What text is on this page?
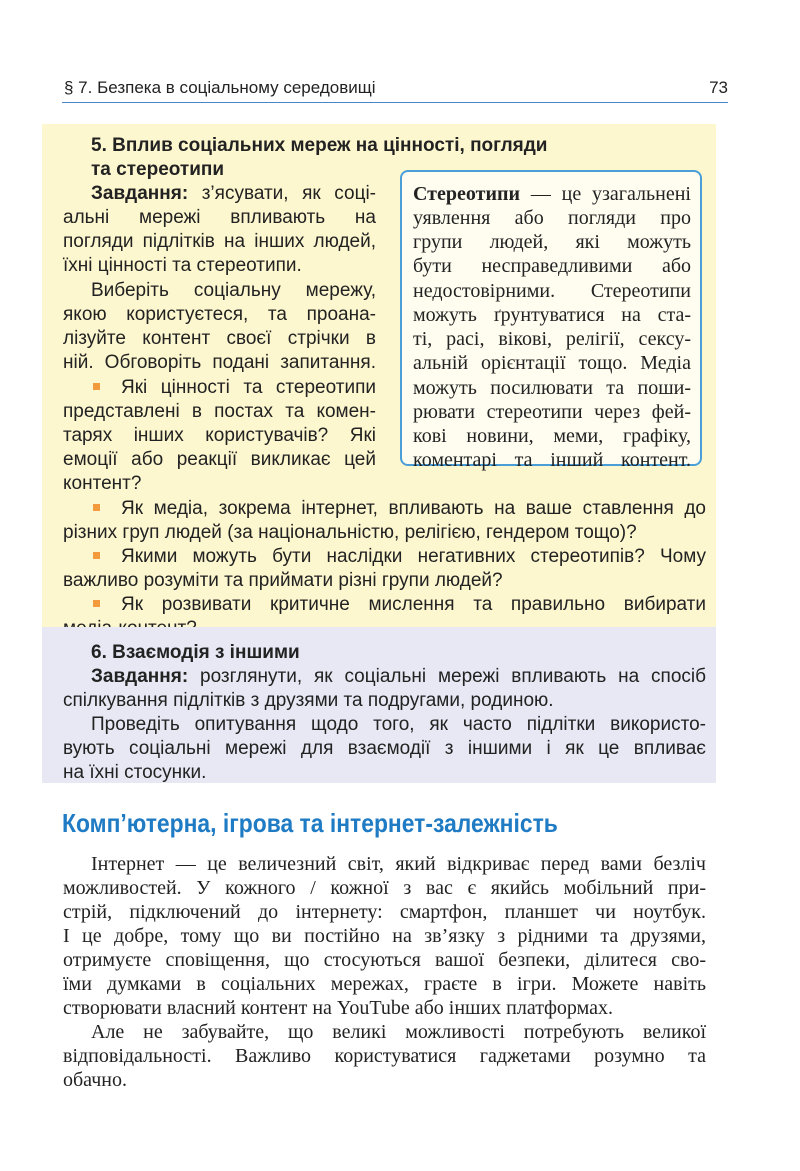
§ 7. Безпека в соціальному середовищі	73
5. Вплив соціальних мереж на цінності, погляди
та стереотипи
Завдання: з’ясувати, як соці-
альні мережі впливають на
погляди підлітків на інших людей,
їхні цінності та стереотипи.
Виберіть соціальну мережу,
якою користуєтеся, та проана-
лізуйте контент своєї стрічки в
ній. Обговоріть подані запитання.
Які цінності та стереотипи
представлені в постах та комен-
тарях інших користувачів? Які
емоції або реакції викликає цей
контент?
Стереотипи — це узагальнені
уявлення або погляди про
групи людей, які можуть
бути несправедливими або
недостовірними. Стереотипи
можуть ґрунтуватися на ста-
ті, расі, вікові, релігії, сексу-
альній орієнтації тощо. Медіа
можуть посилювати та поши-
рювати стереотипи через фей-
кові новини, меми, графіку,
коментарі та інший контент.
Як медіа, зокрема інтернет, впливають на ваше ставлення до
різних груп людей (за національністю, релігією, гендером тощо)?
Якими можуть бути наслідки негативних стереотипів? Чому
важливо розуміти та приймати різні групи людей?
Як розвивати критичне мислення та правильно вибирати
6. Взаємодія з іншими
Завдання: розглянути, як соціальні мережі впливають на спосіб
спілкування підлітків з друзями та подругами, родиною.
Проведіть опитування щодо того, як часто підлітки використо-
вують соціальні мережі для взаємодії з іншими і як це впливає
на їхні стосунки.
Комп’ютерна, ігрова та інтернет-залежність
Інтернет — це величезний світ, який відкриває перед вами безліч
можливостей. У кожного / кожної з вас є якийсь мобільний при-
стрій, підключений до інтернету: смартфон, планшет чи ноутбук.
І це добре, тому що ви постійно на зв’язку з рідними та друзями,
отримуєте сповіщення, що стосуються вашої безпеки, ділитеся сво-
їми думками в соціальних мережах, граєте в ігри. Можете навіть
створювати власний контент на YouTube або інших платформах.
Але не забувайте, що великі можливості потребують великої
відповідальності. Важливо користуватися гаджетами розумно та
обачно.
